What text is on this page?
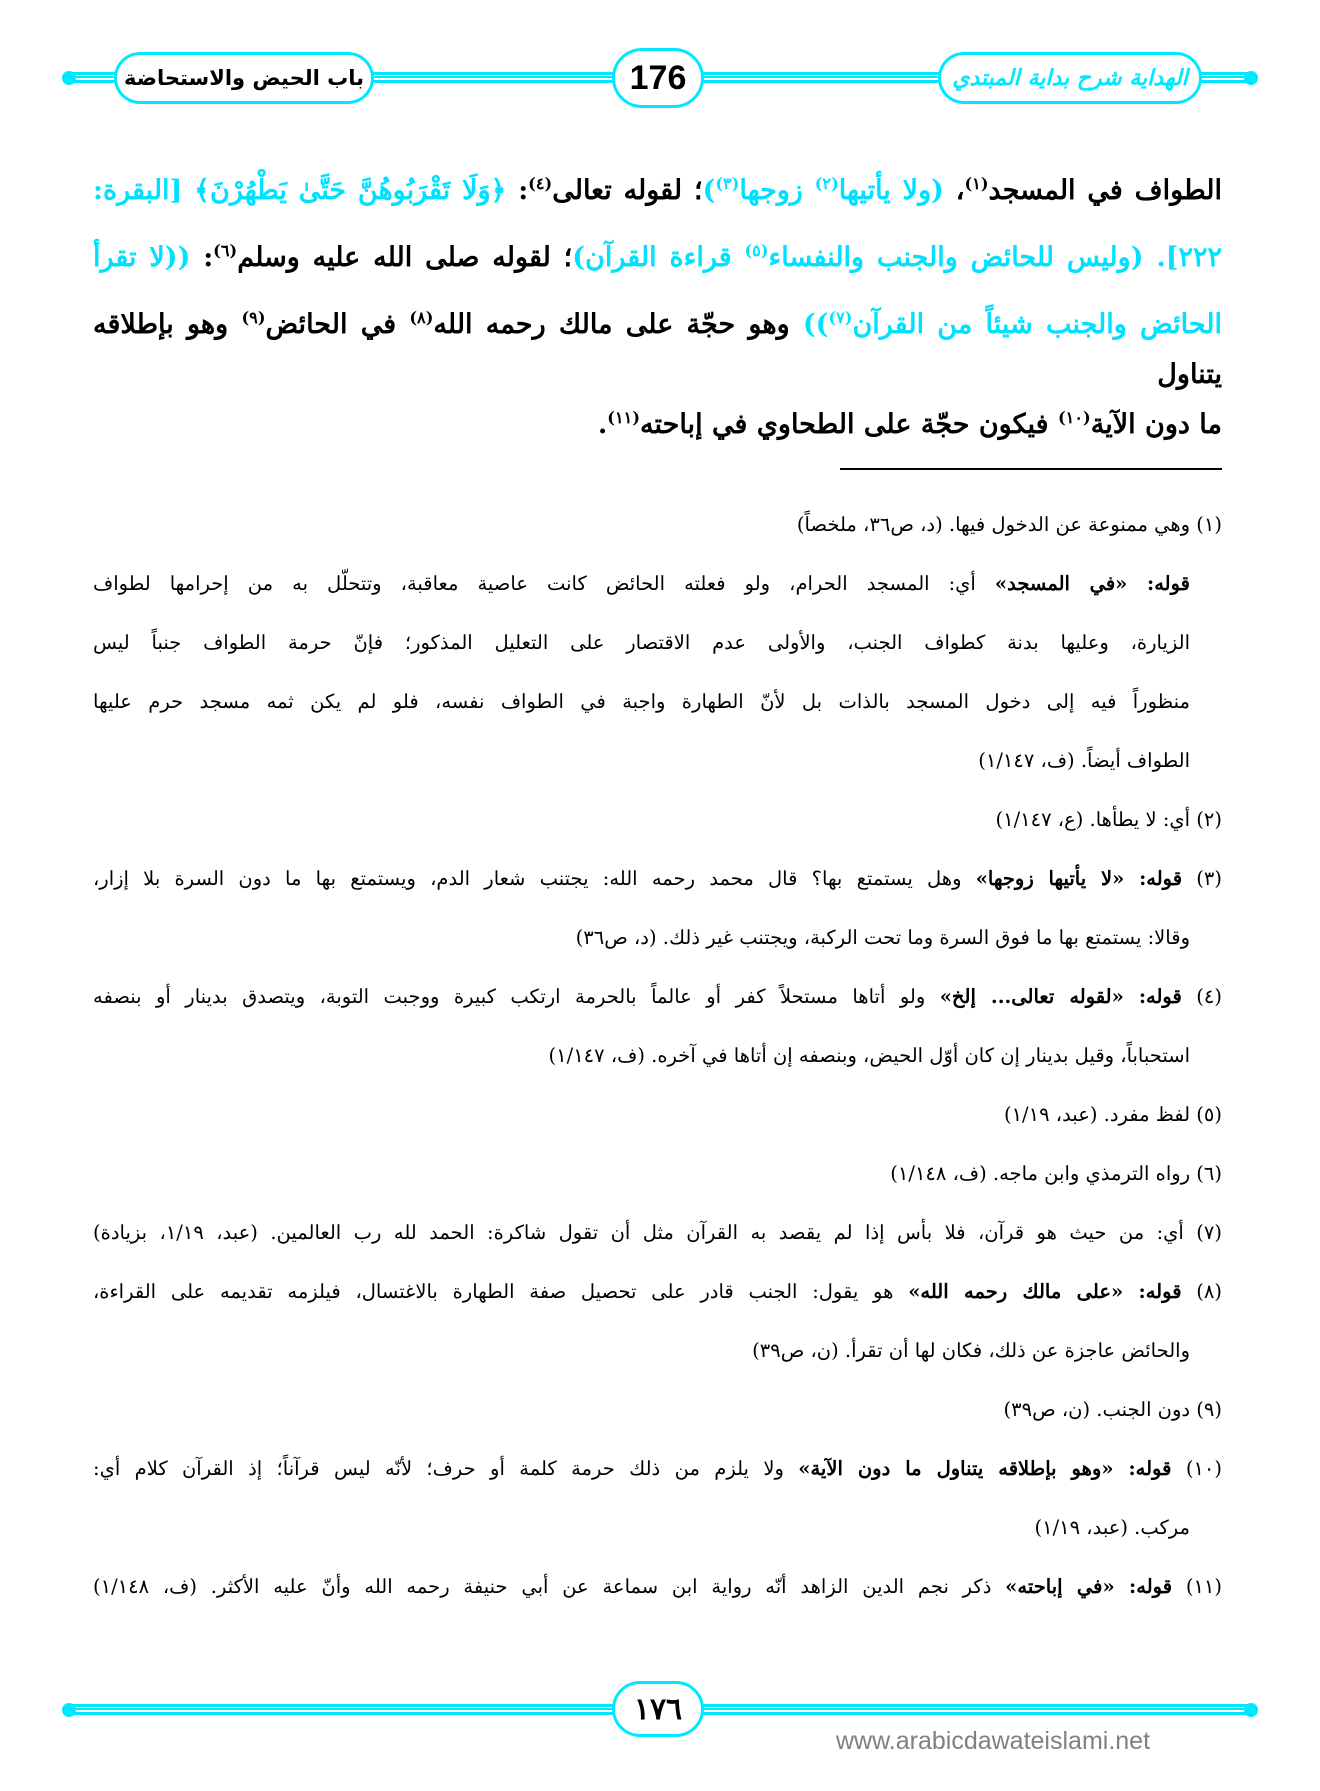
باب الحيض والاستحاضة	176	الهداية شرح بداية المبتدي
الطواف في المسجد$^{(١)}$، (ولا يأتيها$^{(٢)}$ زوجها$^{(٣)}$)؛ لقوله تعالى$^{(٤)}$: ﴿وَلَا تَقْرَبُوهُنَّ حَتَّىٰ يَطْهُرْنَ﴾ [البقرة:
٢٢٢]. (وليس للحائض والجنب والنفساء$^{(٥)}$ قراءة القرآن)؛ لقوله صلى الله عليه وسلم$^{(٦)}$: ((لا تقرأ
الحائض والجنب شيئاً من القرآن$^{(٧)}$)) وهو حجّة على مالك رحمه الله$^{(٨)}$ في الحائض$^{(٩)}$ وهو بإطلاقه يتناول
ما دون الآية$^{(١٠)}$ فيكون حجّة على الطحاوي في إباحته$^{(١١)}$.
(١) وهي ممنوعة عن الدخول فيها. (د، ص٣٦، ملخصاً)
قوله: «في المسجد» أي: المسجد الحرام، ولو فعلته الحائض كانت عاصية معاقبة، وتتحلّل به من إحرامها لطواف
الزيارة، وعليها بدنة كطواف الجنب، والأولى عدم الاقتصار على التعليل المذكور؛ فإنّ حرمة الطواف جنباً ليس
منظوراً فيه إلى دخول المسجد بالذات بل لأنّ الطهارة واجبة في الطواف نفسه، فلو لم يكن ثمه مسجد حرم عليها
الطواف أيضاً. (ف، ١/١٤٧)
(٢) أي: لا يطأها. (ع، ١/١٤٧)
(٣) قوله: «لا يأتيها زوجها» وهل يستمتع بها؟ قال محمد رحمه الله: يجتنب شعار الدم، ويستمتع بها ما دون السرة بلا إزار،
وقالا: يستمتع بها ما فوق السرة وما تحت الركبة، ويجتنب غير ذلك. (د، ص٣٦)
(٤) قوله: «لقوله تعالى... إلخ» ولو أتاها مستحلاً كفر أو عالماً بالحرمة ارتكب كبيرة ووجبت التوبة، ويتصدق بدينار أو بنصفه
استحباباً، وقيل بدينار إن كان أوّل الحيض، وبنصفه إن أتاها في آخره. (ف، ١/١٤٧)
(٥) لفظ مفرد. (عبد، ١/١٩)
(٦) رواه الترمذي وابن ماجه. (ف، ١/١٤٨)
(٧) أي: من حيث هو قرآن، فلا بأس إذا لم يقصد به القرآن مثل أن تقول شاكرة: الحمد لله رب العالمين. (عبد، ١/١٩، بزيادة)
(٨) قوله: «على مالك رحمه الله» هو يقول: الجنب قادر على تحصيل صفة الطهارة بالاغتسال، فيلزمه تقديمه على القراءة،
والحائض عاجزة عن ذلك، فكان لها أن تقرأ. (ن، ص٣٩)
(٩) دون الجنب. (ن، ص٣٩)
(١٠) قوله: «وهو بإطلاقه يتناول ما دون الآية» ولا يلزم من ذلك حرمة كلمة أو حرف؛ لأنّه ليس قرآناً؛ إذ القرآن كلام أي:
مركب. (عبد، ١/١٩)
(١١) قوله: «في إباحته» ذكر نجم الدين الزاهد أنّه رواية ابن سماعة عن أبي حنيفة رحمه الله وأنّ عليه الأكثر. (ف، ١/١٤٨)
١٧٦
www.arabicdawateislami.net
